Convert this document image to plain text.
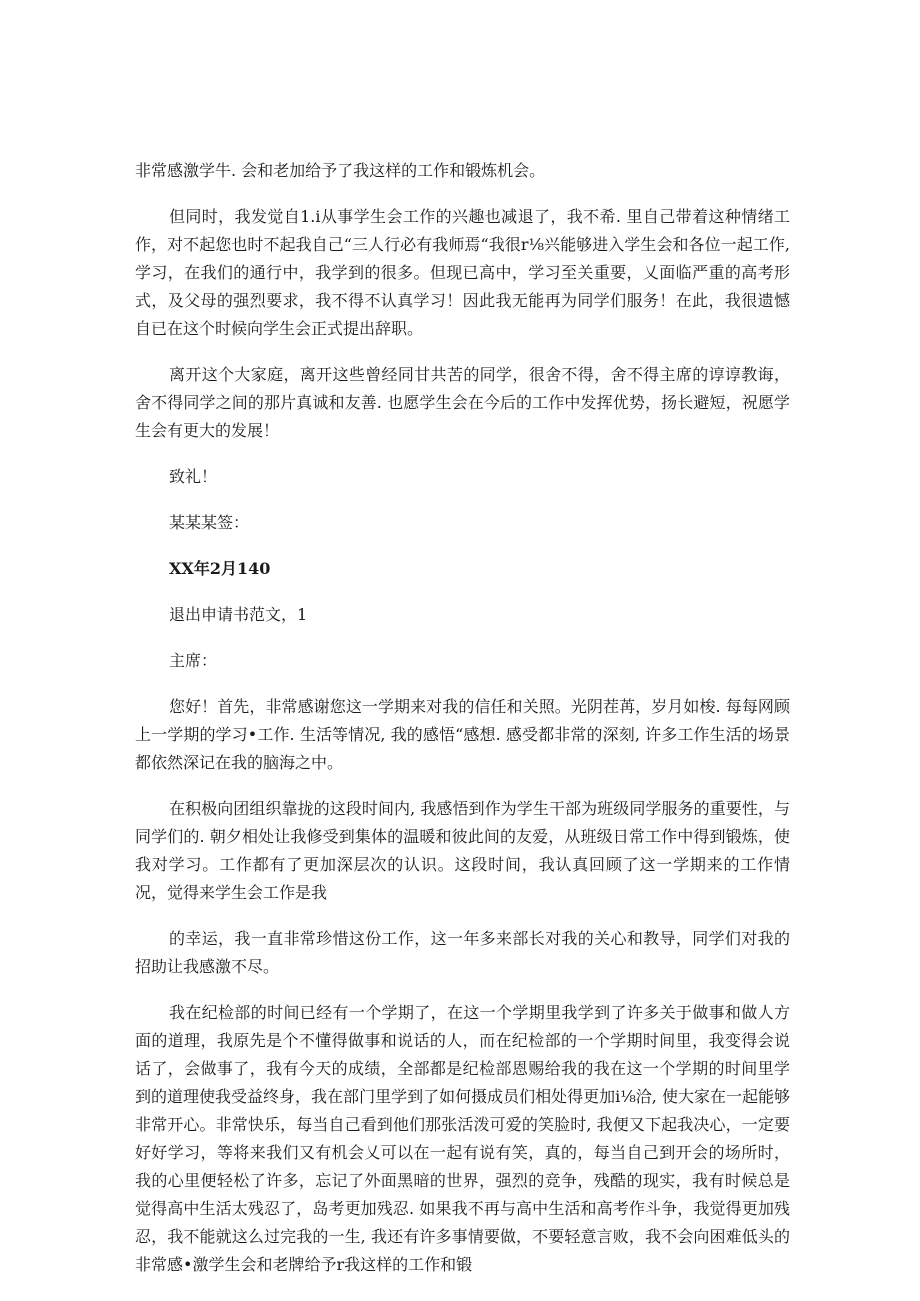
非常感激学牛. 会和老加给予了我这样的工作和锻炼机会。

但同时，我发觉自1.i从事学生会工作的兴趣也减退了，我不希. 里自己带着这种情绪工作，对不起您也时不起我自己“三人行必有我师焉“我很r⅛兴能够进入学生会和各位一起工作, 学习，在我们的通行中，我学到的很多。但现已高中，学习至关重要，乂面临严重的高考形式，及父母的强烈要求，我不得不认真学习！因此我无能再为同学们服务！在此，我很遗憾自已在这个时候向学生会正式提出辞职。

离开这个大家庭，离开这些曾经同甘共苦的同学，很舍不得，舍不得主席的谆谆教诲，舍不得同学之间的那片真诚和友善. 也愿学生会在今后的工作中发挥优势，扬长避短，祝愿学生会有更大的发展！

致礼！

某某某签：

XX年2月140

退出申请书范文，1

主席：

您好！首先，非常感谢您这一学期来对我的信任和关照。光阴茬苒，岁月如梭. 每每网顾上一学期的学习•工作. 生活等情况, 我的感悟“感想. 感受都非常的深刻, 许多工作生活的场景都依然深记在我的脑海之中。

在积极向团组织靠拢的这段时间内, 我感悟到作为学生干部为班级同学服务的重要性，与同学们的. 朝夕相处让我修受到集体的温暖和彼此间的友爱，从班级日常工作中得到锻炼，使我对学习。工作都有了更加深层次的认识。这段时间，我认真回顾了这一学期来的工作情况，觉得来学生会工作是我

的幸运，我一直非常珍惜这份工作，这一年多来部长对我的关心和教导，同学们对我的招助让我感激不尽。

我在纪检部的时间已经有一个学期了，在这一个学期里我学到了许多关于做事和做人方面的道理，我原先是个不懂得做事和说话的人，而在纪检部的一个学期时间里，我变得会说话了，会做事了，我有今天的成绩，全部都是纪检部恩赐给我的我在这一个学期的时间里学到的道理使我受益终身，我在部门里学到了如何摄成员们相处得更加i⅛洽, 使大家在一起能够非常开心。非常快乐，每当自己看到他们那张活泼可爱的笑脸时, 我便又下起我决心，一定要好好学习，等将来我们又有机会乂可以在一起有说有笑，真的，每当自己到开会的场所时，我的心里便轻松了许多，忘记了外面黑暗的世界，强烈的竞争，残酷的现实，我有时候总是觉得高中生活太残忍了，岛考更加残忍. 如果我不再与高中生活和高考作斗争，我觉得更加残忍，我不能就这么过完我的一生, 我还有许多事情要做，不要轻意言败，我不会向困难低头的非常感•激学生会和老牌给予r我这样的工作和锻
